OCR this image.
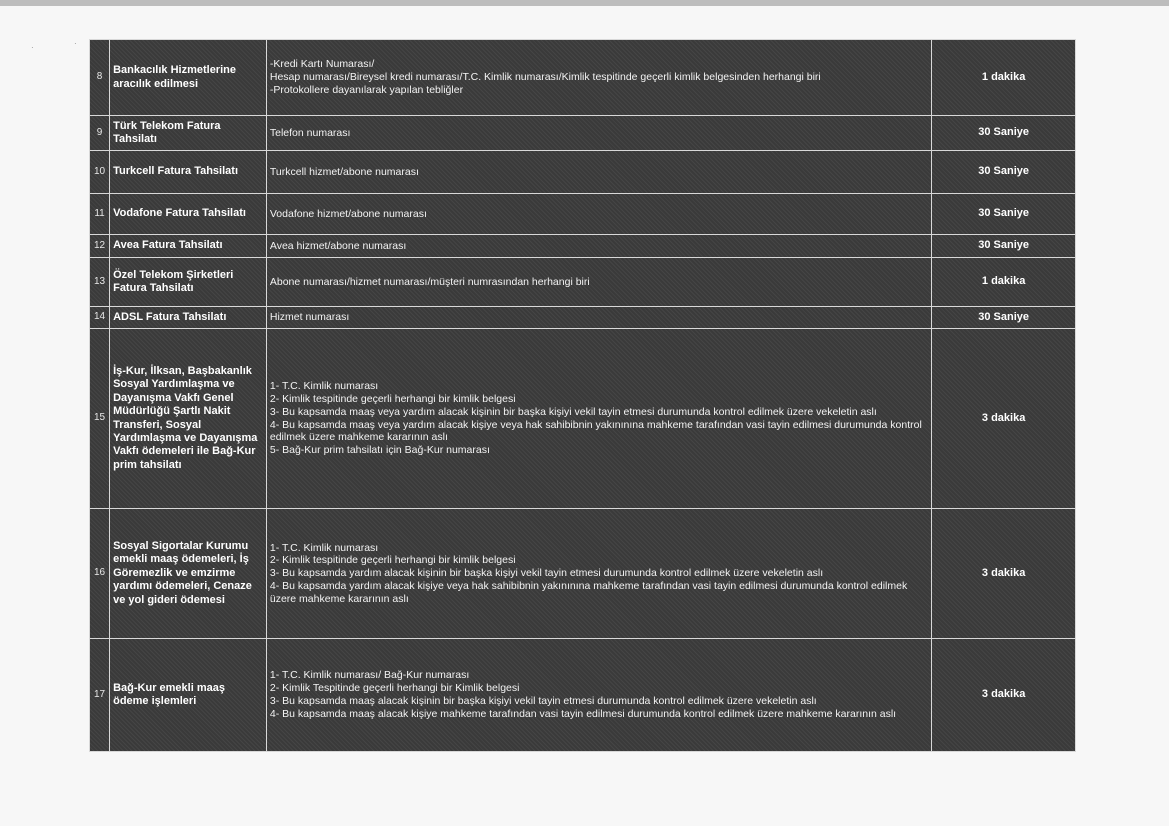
·	·
8	Bankacılık Hizmetlerine aracılık edilmesi	-Kredi Kartı Numarası/
Hesap numarası/Bireysel kredi numarası/T.C. Kimlik numarası/Kimlik tespitinde geçerli kimlik belgesinden herhangi biri
-Protokollere dayanılarak yapılan tebliğler	1 dakika
9	Türk Telekom Fatura Tahsilatı	Telefon numarası	30 Saniye
10	Turkcell Fatura Tahsilatı	Turkcell hizmet/abone numarası	30 Saniye
11	Vodafone Fatura Tahsilatı	Vodafone hizmet/abone numarası	30 Saniye
12	Avea Fatura Tahsilatı	Avea hizmet/abone numarası	30 Saniye
13	Özel Telekom Şirketleri Fatura Tahsilatı	Abone numarası/hizmet numarası/müşteri numrasından herhangi biri	1 dakika
14	ADSL Fatura Tahsilatı	Hizmet numarası	30 Saniye
15	İş-Kur, İlksan, Başbakanlık Sosyal Yardımlaşma ve Dayanışma Vakfı Genel Müdürlüğü Şartlı Nakit Transferi, Sosyal Yardımlaşma ve Dayanışma Vakfı ödemeleri ile Bağ-Kur prim tahsilatı	1- T.C. Kimlik numarası
2- Kimlik tespitinde geçerli herhangi bir kimlik belgesi
3- Bu kapsamda maaş veya yardım alacak kişinin bir başka kişiyi vekil tayin etmesi durumunda kontrol edilmek üzere vekeletin aslı
4- Bu kapsamda maaş veya yardım alacak kişiye veya hak sahibibnin yakınınına mahkeme tarafından vasi tayin edilmesi durumunda kontrol edilmek üzere mahkeme kararının aslı
5- Bağ-Kur prim tahsilatı için Bağ-Kur numarası	3 dakika
16	Sosyal Sigortalar Kurumu emekli maaş ödemeleri, İş Göremezlik ve emzirme yardımı ödemeleri, Cenaze ve yol gideri ödemesi	1- T.C. Kimlik numarası
2- Kimlik tespitinde geçerli herhangi bir kimlik belgesi
3- Bu kapsamda yardım alacak kişinin bir başka kişiyi vekil tayin etmesi durumunda kontrol edilmek üzere vekeletin aslı
4- Bu kapsamda yardım alacak kişiye veya hak sahibibnin yakınınına mahkeme tarafından vasi tayin edilmesi durumunda kontrol edilmek üzere mahkeme kararının aslı	3 dakika
17	Bağ-Kur emekli maaş ödeme işlemleri	1- T.C. Kimlik numarası/ Bağ-Kur numarası
2- Kimlik Tespitinde geçerli herhangi bir Kimlik belgesi
3- Bu kapsamda maaş alacak kişinin bir başka kişiyi vekil tayin etmesi durumunda kontrol edilmek üzere vekeletin aslı
4- Bu kapsamda maaş alacak kişiye mahkeme tarafından vasi tayin edilmesi durumunda kontrol edilmek üzere mahkeme kararının aslı	3 dakika
